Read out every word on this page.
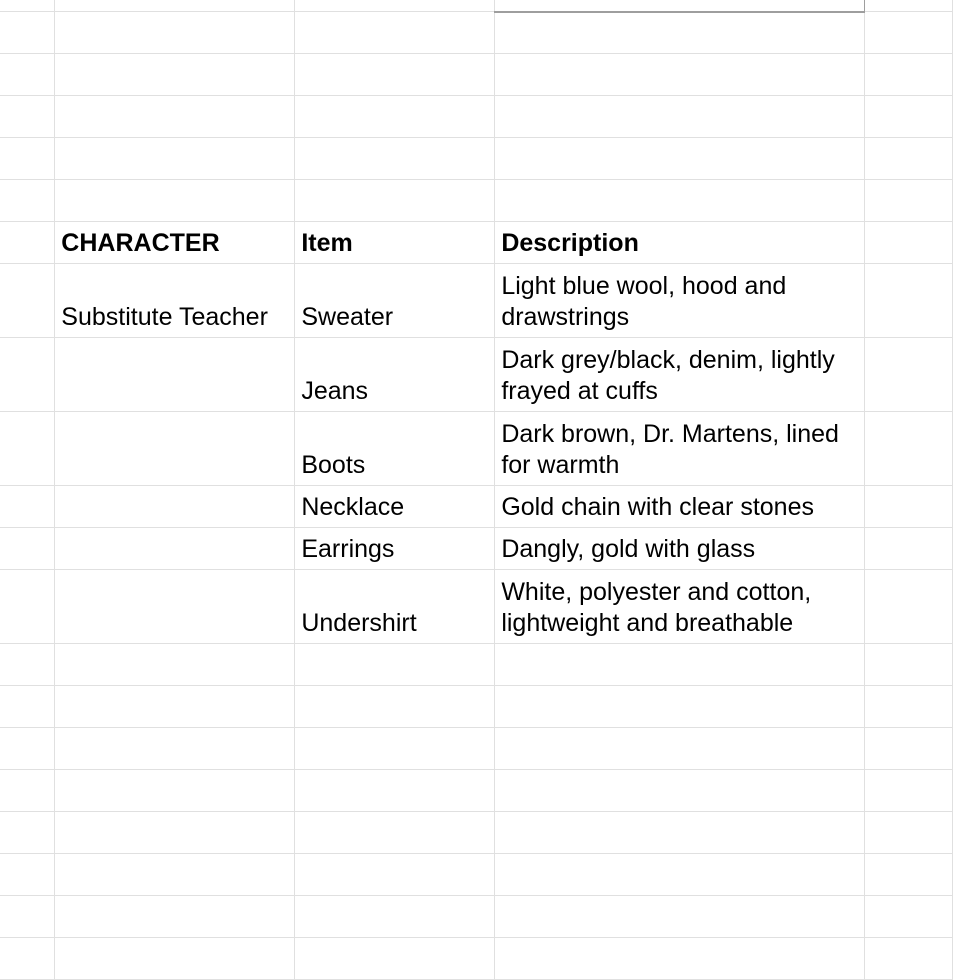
	CHARACTER	Item	Description	

	Substitute Teacher	Sweater	Light blue wool, hood and drawstrings	

		Jeans	Dark grey/black, denim, lightly frayed at cuffs	

		Boots	Dark brown, Dr. Martens, lined for warmth	

		Necklace	Gold chain with clear stones	

		Earrings	Dangly, gold with glass	

		Undershirt	White, polyester and cotton, lightweight and breathable	
